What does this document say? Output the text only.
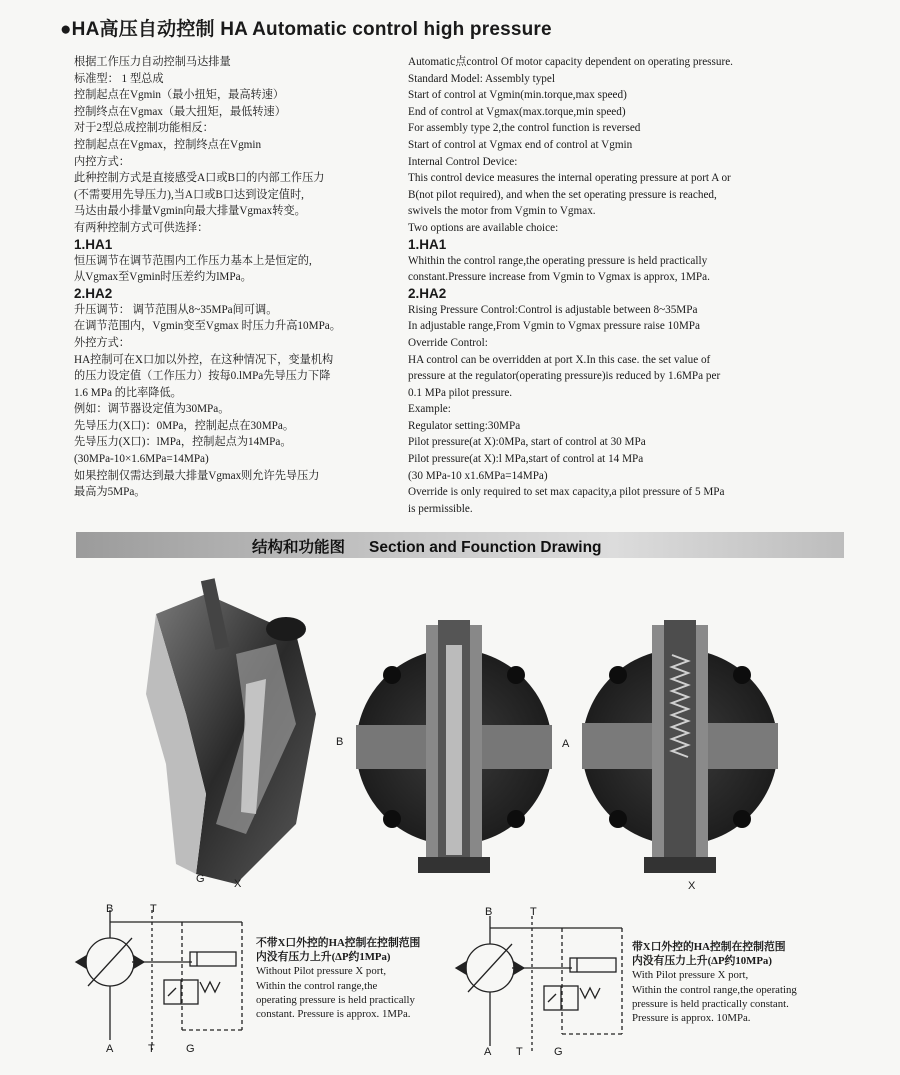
●HA高压自动控制 HA Automatic control high pressure
根据工作压力自动控制马达排量
标准型： 1 型总成
控制起点在Vgmin（最小扭矩，最高转速）
控制终点在Vgmax（最大扭矩，最低转速）
对于2型总成控制功能相反：
控制起点在Vgmax，控制终点在Vgmin
内控方式：
此种控制方式是直接感受A口或B口的内部工作压力
(不需要用先导压力),当A口或B口达到设定值时,
马达由最小排量Vgmin向最大排量Vgmax转变。
有两种控制方式可供选择：
1.HA1
恒压调节在调节范围内工作压力基本上是恒定的,
从Vgmax至Vgmin时压差约为lMPa。
2.HA2
升压调节： 调节范围从8~35MPa间可调。
在调节范围内，Vgmin变至Vgmax 时压力升高10MPa。
外控方式：
HA控制可在X口加以外控，在这种情况下，变量机构
的压力设定值（工作压力）按每0.lMPa先导压力下降
1.6 MPa 的比率降低。
例如：调节器设定值为30MPa。
先导压力(X口)：0MPa，控制起点在30MPa。
先导压力(X口)：lMPa，控制起点为14MPa。
(30MPa-10×1.6MPa=14MPa)
如果控制仅需达到最大排量Vgmax则允许先导压力
最高为5MPa。
Automatic点control Of motor capacity dependent on operating pressure.
Standard Model: Assembly typel
Start of control at Vgmin(min.torque,max speed)
End of control at Vgmax(max.torque,min speed)
For assembly type 2,the control function is reversed
Start of control at Vgmax end of control at Vgmin
Internal Control Device:
This control device measures the internal operating pressure at port A or
B(not pilot required), and when the set operating pressure is reached,
swivels the motor from Vgmin to Vgmax.
Two options are available choice:
1.HA1
Whithin the control range,the operating pressure is held practically
constant.Pressure increase from Vgmin to Vgmax is approx, 1MPa.
2.HA2
Rising Pressure Control:Control is adjustable between 8~35MPa
In adjustable range,From Vgmin to Vgmax pressure raise 10MPa
Override Control:
HA control can be overridden at port X.In this case. the set value of
pressure at the regulator(operating pressure)is reduced by 1.6MPa per
0.1 MPa pilot pressure.
Example:
Regulator setting:30MPa
Pilot pressure(at X):0MPa, start of control at 30 MPa
Pilot pressure(at X):l MPa,start of control at 14 MPa
(30 MPa-10 x1.6MPa=14MPa)
Override is only required to set max capacity,a pilot pressure of 5 MPa
is permissible.
结构和功能图 Section and Founction Drawing
G	X
B	A
X
B	T
A	T	G
不带X口外控的HA控制在控制范围
内没有压力上升(ΔP约1MPa)
Without Pilot pressure X port,
Within the control range,the
operating pressure is held practically
constant. Pressure is approx. 1MPa.
B	T
A T	G
带X口外控的HA控制在控制范围
内没有压力上升(ΔP约10MPa)
With Pilot pressure X port,
Within the control range,the operating
pressure is held practically constant.
Pressure is approx. 10MPa.
